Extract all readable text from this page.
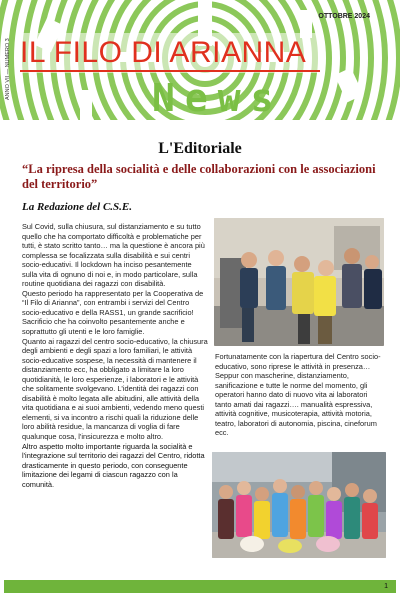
ANNO VII — NUMERO 3
OTTOBRE 2024
IL FILO DI ARIANNA
News
L'Editoriale
“La ripresa della socialità e delle collaborazioni con le associazioni del territorio”
La Redazione del C.S.E.

Sul Covid, sulla chiusura, sul distanziamento e su tutto quello che ha comportato difficoltà e problematiche per tutti, è stato scritto tanto… ma la questione è ancora più complessa se focalizzata sulla disabilità e sui centri socio-educativi. Il lockdown ha inciso pesantemente sulla vita di ognuno di noi e, in modo particolare, sulla routine quotidiana dei ragazzi con disabilità.

Questo periodo ha rappresentato per la Cooperativa de “Il Filo di Arianna”, con entrambi i servizi del Centro socio-educativo e della RASS1, un grande sacrificio! Sacrificio che ha coinvolto pesantemente anche e soprattutto gli utenti e le loro famiglie.

Quanto ai ragazzi del centro socio-educativo, la chiusura degli ambienti e degli spazi a loro familiari, le attività socio-educative sospese, la necessità di mantenere il distanziamento ecc, ha obbligato a limitare la loro quotidianità, le loro esperienze, i laboratori e le attività che solitamente svolgevano. L'identità dei ragazzi con disabilità è molto legata alle abitudini, alle attività della vita quotidiana e ai suoi ambienti, vedendo meno questi elementi, si va incontro a rischi quali la riduzione delle loro abilità residue, la mancanza di voglia di fare qualunque cosa, l'insicurezza e molto altro.

Altro aspetto molto importante riguarda la socialità e l'integrazione sul territorio dei ragazzi del Centro, ridotta drasticamente in questo periodo, con conseguente limitazione dei legami di ciascun ragazzo con la comunità.

Fortunatamente con la riapertura del Centro socio-educativo, sono riprese le attività in presenza… Seppur con mascherine, distanziamento, sanificazione e tutte le norme del momento, gli operatori hanno dato di nuovo vita ai laboratori tanto amati dai ragazzi…. manualità espressiva, attività cognitive, musicoterapia, attività motoria, teatro, laboratori di autonomia, piscina, cineforum ecc.

1
